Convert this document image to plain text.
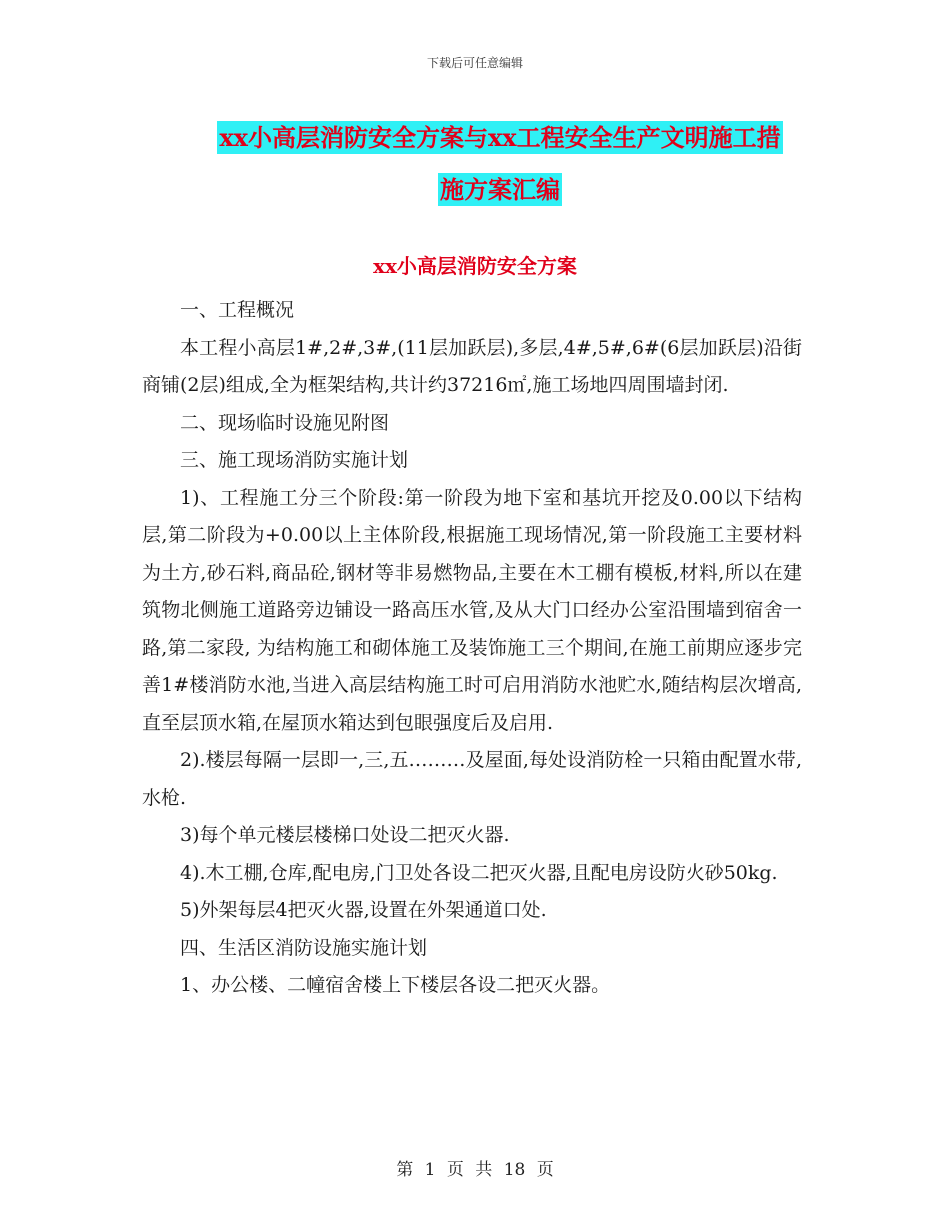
下载后可任意编辑
xx小高层消防安全方案与xx工程安全生产文明施工措
施方案汇编
xx小高层消防安全方案

一、工程概况

本工程小高层1#,2#,3#,(11层加跃层),多层,4#,5#,6#(6层加跃层)沿街商铺(2层)组成,全为框架结构,共计约37216㎡,施工场地四周围墙封闭.

二、现场临时设施见附图

三、施工现场消防实施计划

1)、工程施工分三个阶段:第一阶段为地下室和基坑开挖及0.00以下结构层,第二阶段为+0.00以上主体阶段,根据施工现场情况,第一阶段施工主要材料为土方,砂石料,商品砼,钢材等非易燃物品,主要在木工棚有模板,材料,所以在建筑物北侧施工道路旁边铺设一路高压水管,及从大门口经办公室沿围墙到宿舍一路,第二家段, 为结构施工和砌体施工及装饰施工三个期间,在施工前期应逐步完善1#楼消防水池,当进入高层结构施工时可启用消防水池贮水,随结构层次增高,直至层顶水箱,在屋顶水箱达到包眼强度后及启用.

2).楼层每隔一层即一,三,五………及屋面,每处设消防栓一只箱由配置水带,水枪.

3)每个单元楼层楼梯口处设二把灭火器.

4).木工棚,仓库,配电房,门卫处各设二把灭火器,且配电房设防火砂50kg.

5)外架每层4把灭火器,设置在外架通道口处.

四、生活区消防设施实施计划

1、办公楼、二幢宿舍楼上下楼层各设二把灭火器。

第 1 页 共 18 页
